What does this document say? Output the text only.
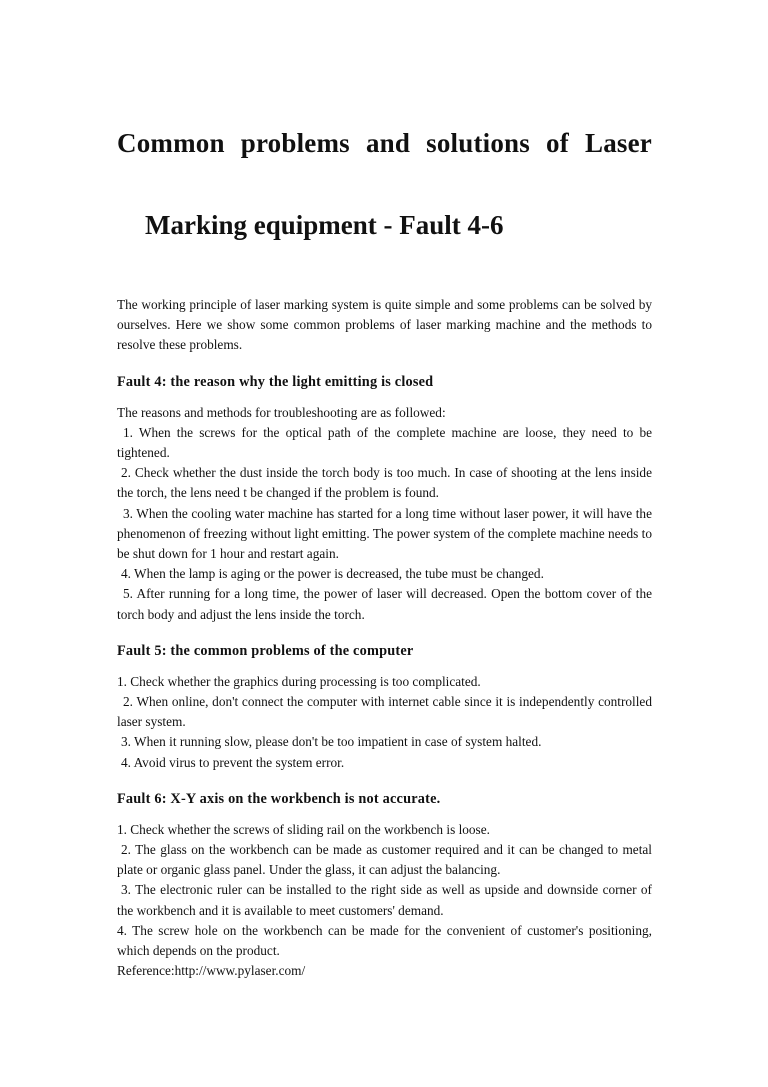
Common problems and solutions of Laser
Marking equipment - Fault 4-6

The working principle of laser marking system is quite simple and some problems can be solved by ourselves. Here we show some common problems of laser marking machine and the methods to resolve these problems.

Fault 4: the reason why the light emitting is closed

The reasons and methods for troubleshooting are as followed:

1. When the screws for the optical path of the complete machine are loose, they need to be tightened.

2. Check whether the dust inside the torch body is too much. In case of shooting at the lens inside the torch, the lens need t be changed if the problem is found.

3. When the cooling water machine has started for a long time without laser power, it will have the phenomenon of freezing without light emitting. The power system of the complete machine needs to be shut down for 1 hour and restart again.

4. When the lamp is aging or the power is decreased, the tube must be changed.

5. After running for a long time, the power of laser will decreased. Open the bottom cover of the torch body and adjust the lens inside the torch.

Fault 5: the common problems of the computer

1. Check whether the graphics during processing is too complicated.

2. When online, don't connect the computer with internet cable since it is independently controlled laser system.

3. When it running slow, please don't be too impatient in case of system halted.

4. Avoid virus to prevent the system error.

Fault 6: X-Y axis on the workbench is not accurate.

1. Check whether the screws of sliding rail on the workbench is loose.

2. The glass on the workbench can be made as customer required and it can be changed to metal plate or organic glass panel. Under the glass, it can adjust the balancing.

3. The electronic ruler can be installed to the right side as well as upside and downside corner of the workbench and it is available to meet customers' demand.

4. The screw hole on the workbench can be made for the convenient of customer's positioning, which depends on the product.

Reference:http://www.pylaser.com/
